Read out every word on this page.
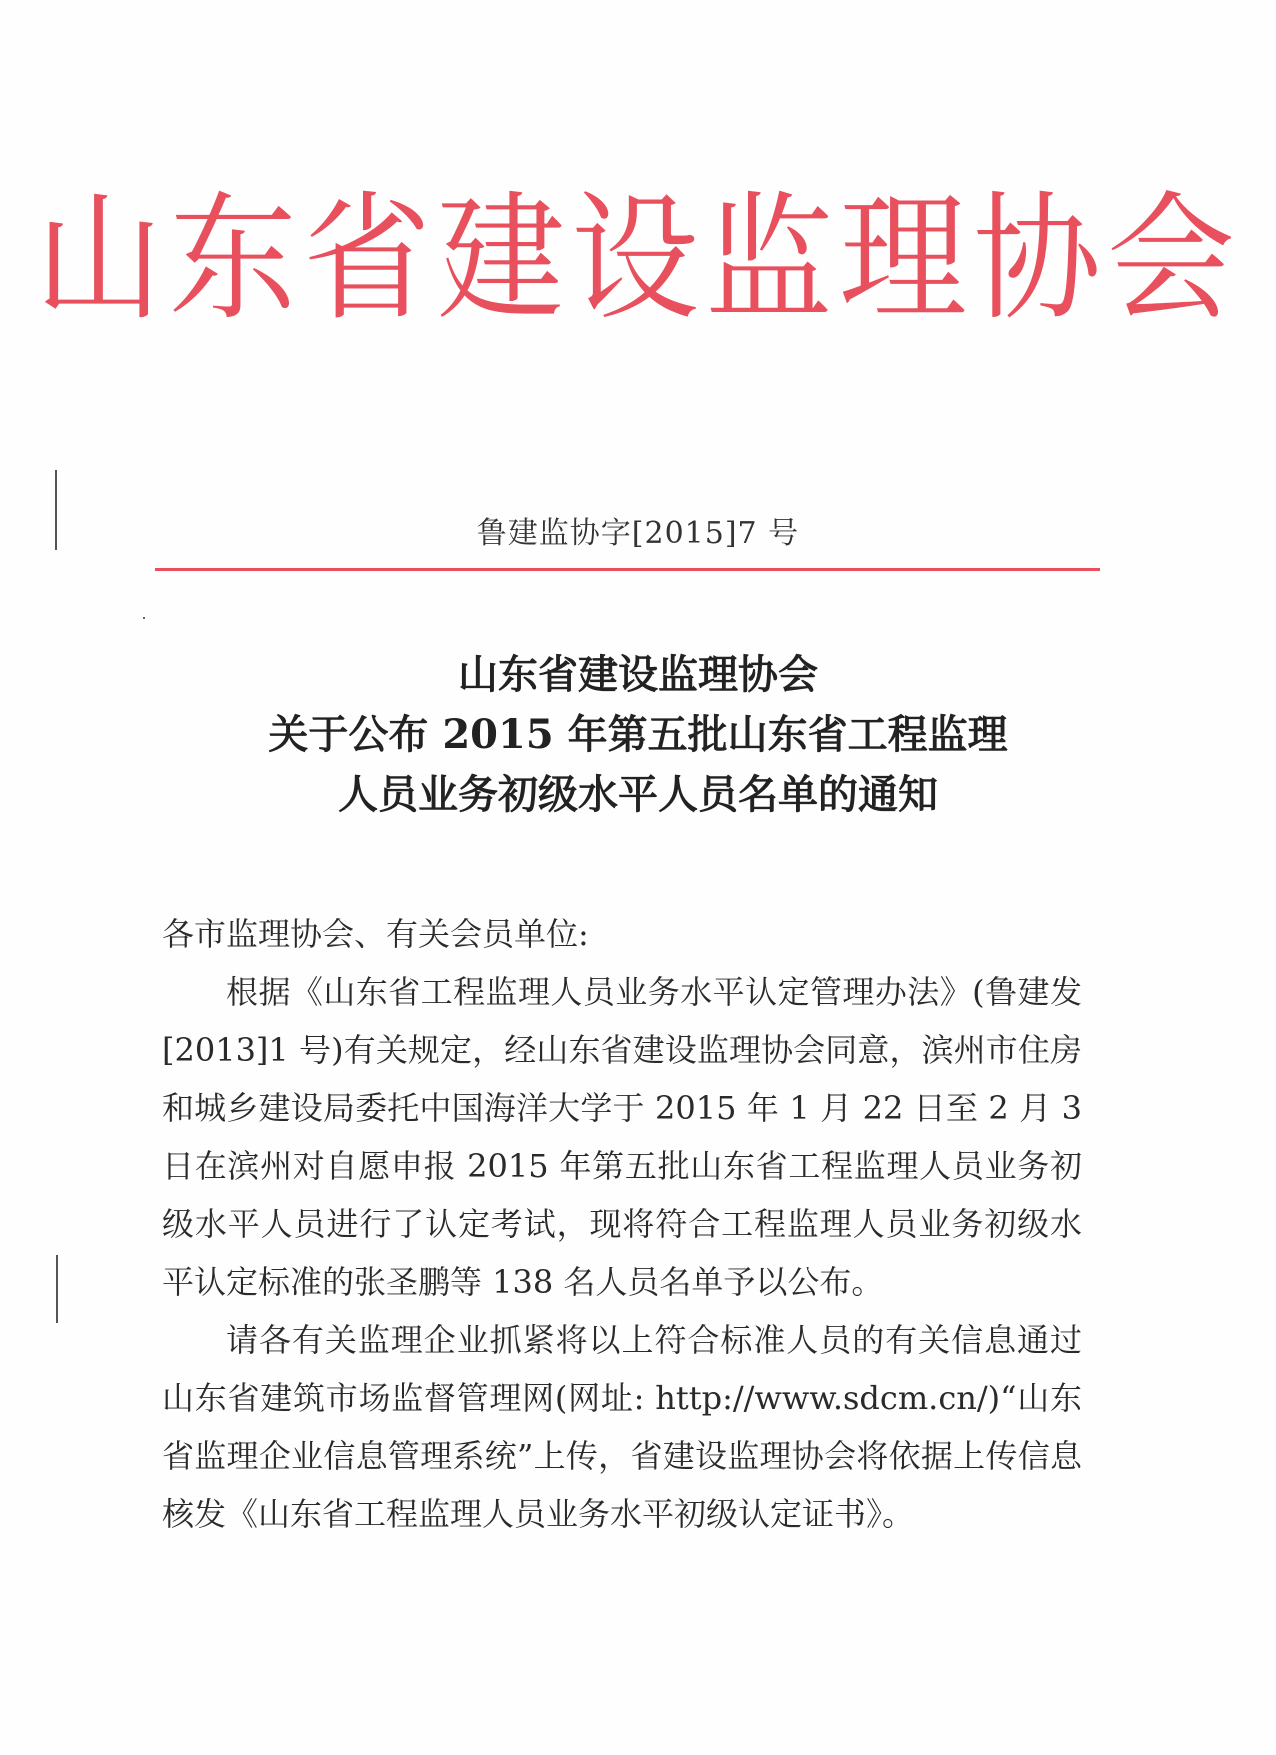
山东省建设监理协会
鲁建监协字[2015]7 号
山东省建设监理协会
关于公布 2015 年第五批山东省工程监理
人员业务初级水平人员名单的通知

各市监理协会、有关会员单位:

根据《山东省工程监理人员业务水平认定管理办法》(鲁建发[2013]1 号)有关规定，经山东省建设监理协会同意，滨州市住房和城乡建设局委托中国海洋大学于 2015 年 1 月 22 日至 2 月 3 日在滨州对自愿申报 2015 年第五批山东省工程监理人员业务初级水平人员进行了认定考试，现将符合工程监理人员业务初级水平认定标准的张圣鹏等 138 名人员名单予以公布。

请各有关监理企业抓紧将以上符合标准人员的有关信息通过山东省建筑市场监督管理网(网址: http://www.sdcm.cn/)“山东省监理企业信息管理系统”上传，省建设监理协会将依据上传信息核发《山东省工程监理人员业务水平初级认定证书》。
